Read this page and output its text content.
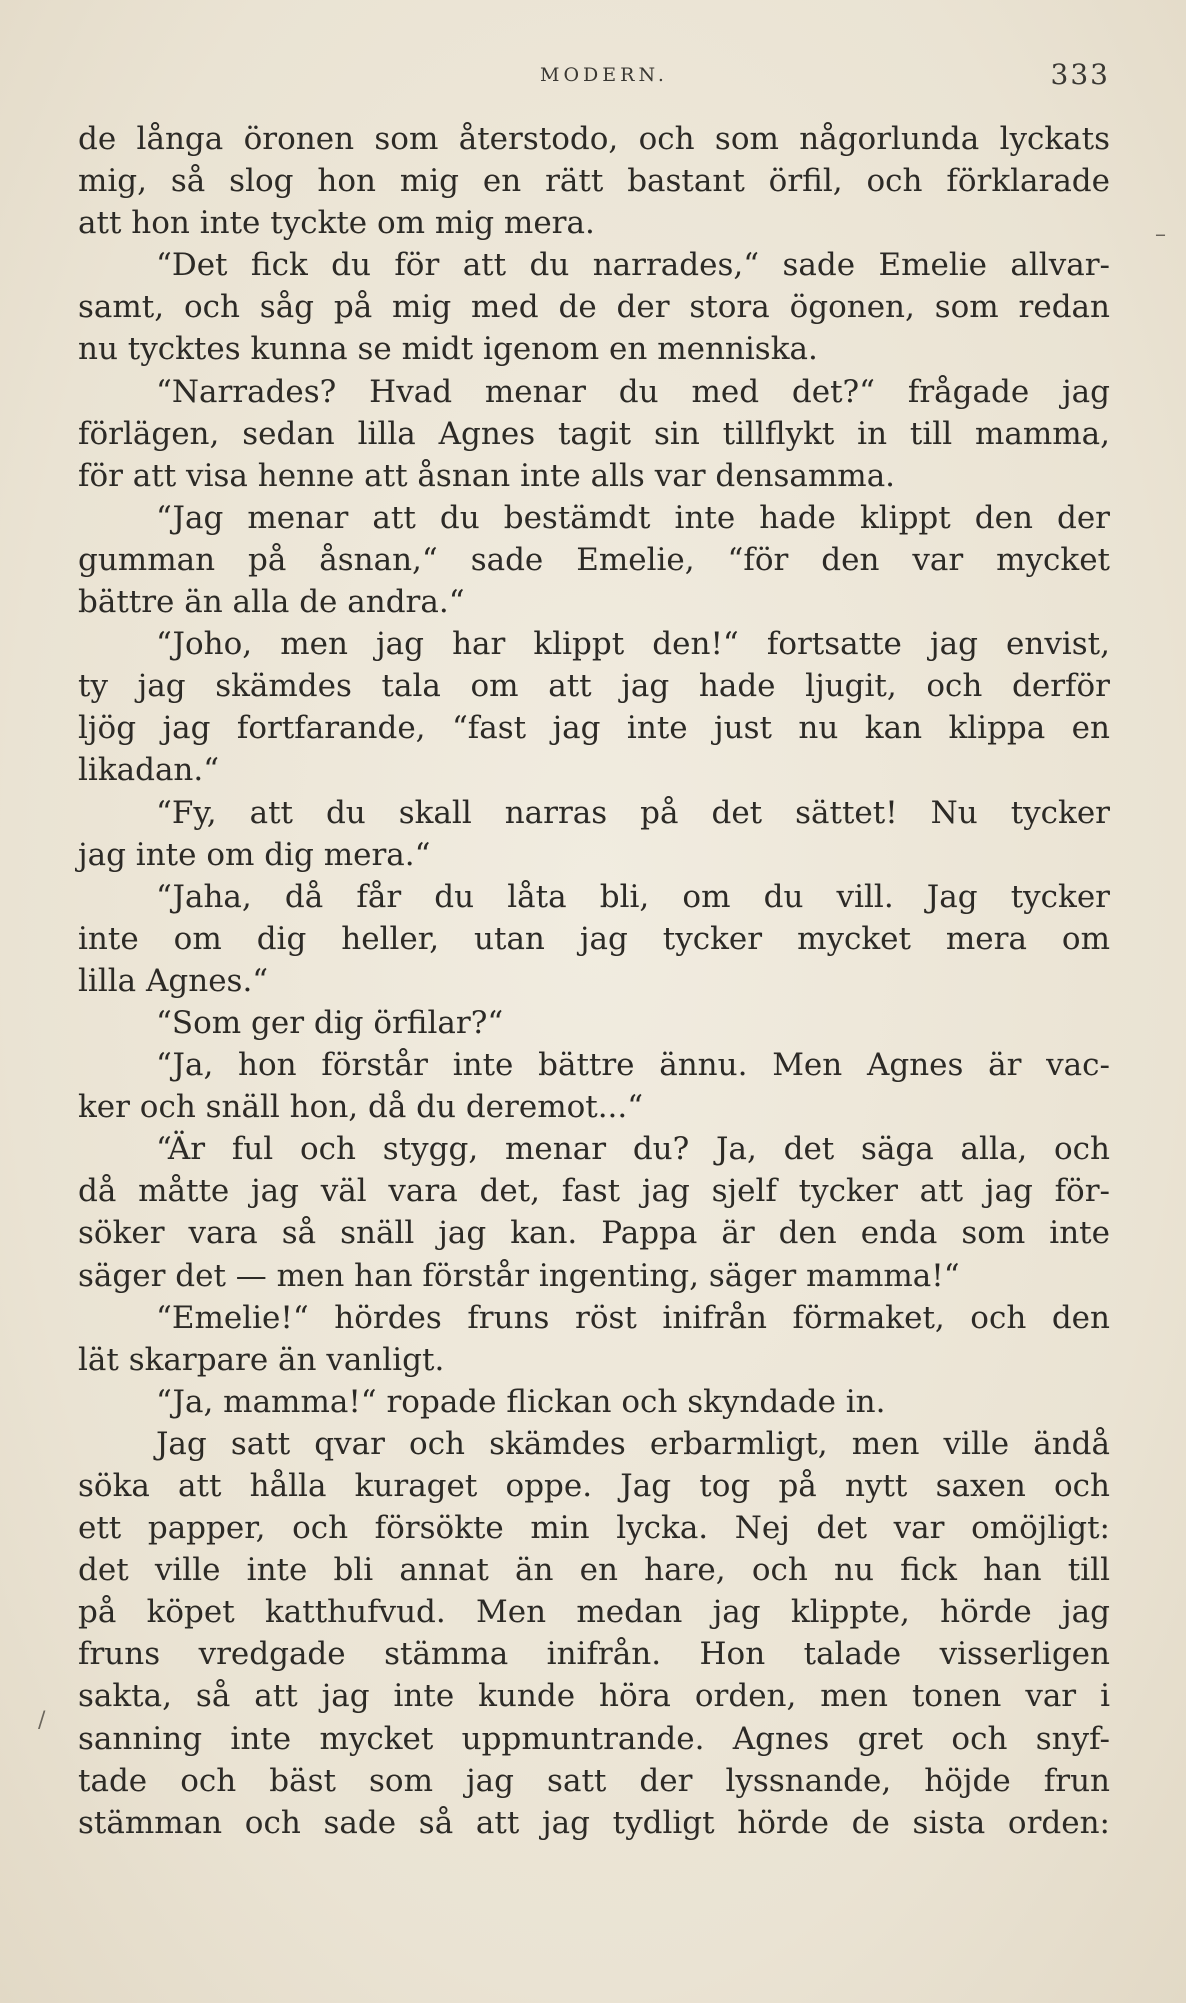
MODERN.	333
–
/
de långa öronen som återstodo, och som någorlunda lyckats
mig, så slog hon mig en rätt bastant örfil, och förklarade
att hon inte tyckte om mig mera.
“Det fick du för att du narrades,“ sade Emelie allvar-
samt, och såg på mig med de der stora ögonen, som redan
nu tycktes kunna se midt igenom en menniska.
“Narrades? Hvad menar du med det?“ frågade jag
förlägen, sedan lilla Agnes tagit sin tillflykt in till mamma,
för att visa henne att åsnan inte alls var densamma.
“Jag menar att du bestämdt inte hade klippt den der
gumman på åsnan,“ sade Emelie, “för den var mycket
bättre än alla de andra.“
“Joho, men jag har klippt den!“ fortsatte jag envist,
ty jag skämdes tala om att jag hade ljugit, och derför
ljög jag fortfarande, “fast jag inte just nu kan klippa en
likadan.“
“Fy, att du skall narras på det sättet! Nu tycker
jag inte om dig mera.“
“Jaha, då får du låta bli, om du vill. Jag tycker
inte om dig heller, utan jag tycker mycket mera om
lilla Agnes.“
“Som ger dig örfilar?“
“Ja, hon förstår inte bättre ännu. Men Agnes är vac-
ker och snäll hon, då du deremot...“
“Är ful och stygg, menar du? Ja, det säga alla, och
då måtte jag väl vara det, fast jag sjelf tycker att jag för-
söker vara så snäll jag kan. Pappa är den enda som inte
säger det — men han förstår ingenting, säger mamma!“
“Emelie!“ hördes fruns röst inifrån förmaket, och den
lät skarpare än vanligt.
“Ja, mamma!“ ropade flickan och skyndade in.
Jag satt qvar och skämdes erbarmligt, men ville ändå
söka att hålla kuraget oppe. Jag tog på nytt saxen och
ett papper, och försökte min lycka. Nej det var omöjligt:
det ville inte bli annat än en hare, och nu fick han till
på köpet katthufvud. Men medan jag klippte, hörde jag
fruns vredgade stämma inifrån. Hon talade visserligen
sakta, så att jag inte kunde höra orden, men tonen var i
sanning inte mycket uppmuntrande. Agnes gret och snyf-
tade och bäst som jag satt der lyssnande, höjde frun
stämman och sade så att jag tydligt hörde de sista orden:
